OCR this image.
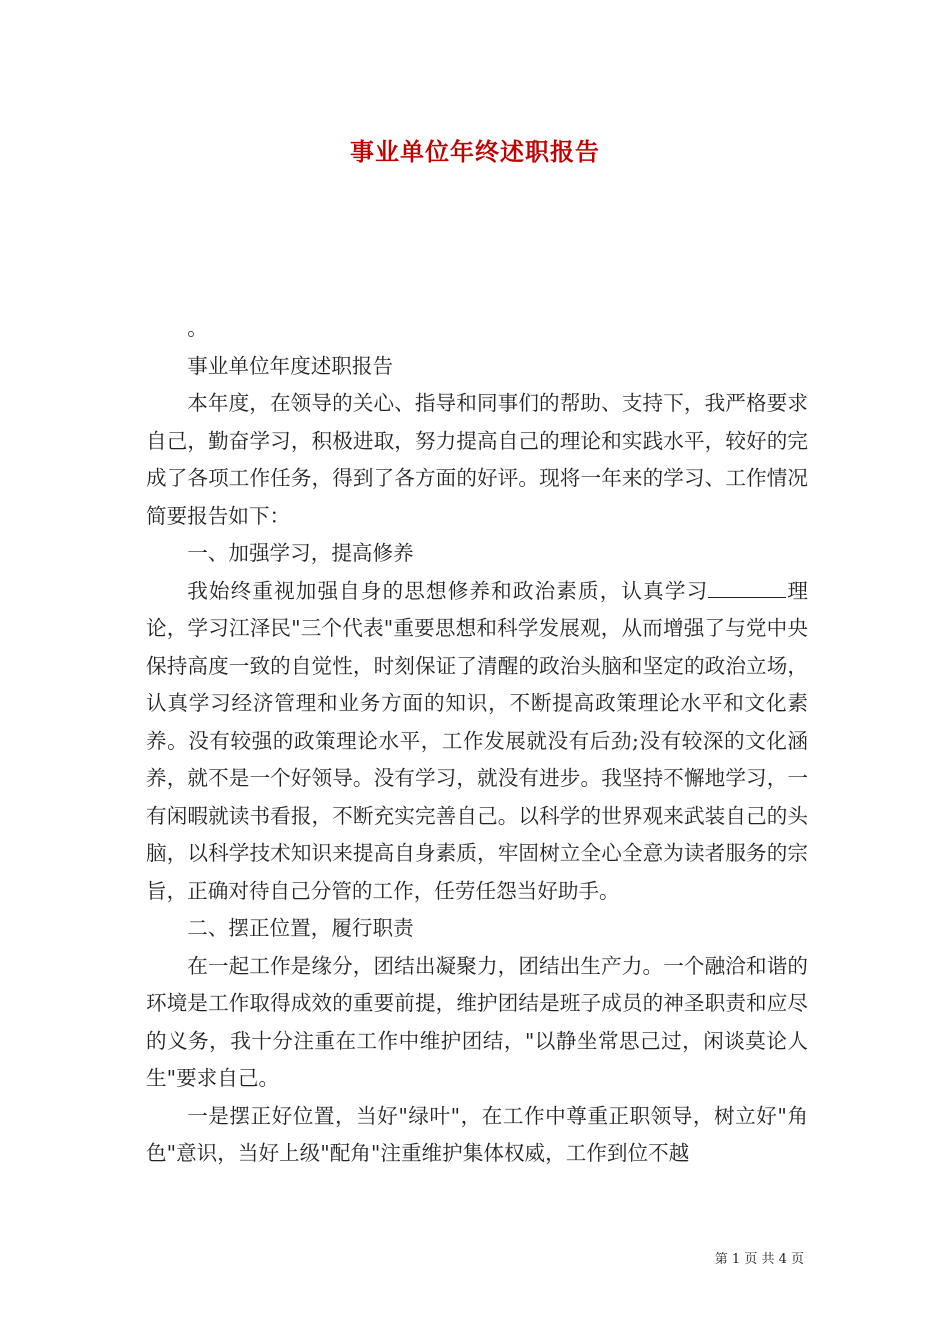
事业单位年终述职报告

。

事业单位年度述职报告

本年度，在领导的关心、指导和同事们的帮助、支持下，我严格要求自己，勤奋学习，积极进取，努力提高自己的理论和实践水平，较好的完成了各项工作任务，得到了各方面的好评。现将一年来的学习、工作情况简要报告如下：

一、加强学习，提高修养

我始终重视加强自身的思想修养和政治素质，认真学习	理论，学习江泽民"三个代表"重要思想和科学发展观，从而增强了与党中央保持高度一致的自觉性，时刻保证了清醒的政治头脑和坚定的政治立场，认真学习经济管理和业务方面的知识，不断提高政策理论水平和文化素养。没有较强的政策理论水平，工作发展就没有后劲;没有较深的文化涵养，就不是一个好领导。没有学习，就没有进步。我坚持不懈地学习，一有闲暇就读书看报，不断充实完善自己。以科学的世界观来武装自己的头脑，以科学技术知识来提高自身素质，牢固树立全心全意为读者服务的宗旨，正确对待自己分管的工作，任劳任怨当好助手。

二、摆正位置，履行职责

在一起工作是缘分，团结出凝聚力，团结出生产力。一个融洽和谐的环境是工作取得成效的重要前提，维护团结是班子成员的神圣职责和应尽的义务，我十分注重在工作中维护团结，"以静坐常思己过，闲谈莫论人生"要求自己。

一是摆正好位置，当好"绿叶"，在工作中尊重正职领导，树立好"角色"意识，当好上级"配角"注重维护集体权威，工作到位不越

第 1 页 共 4 页
